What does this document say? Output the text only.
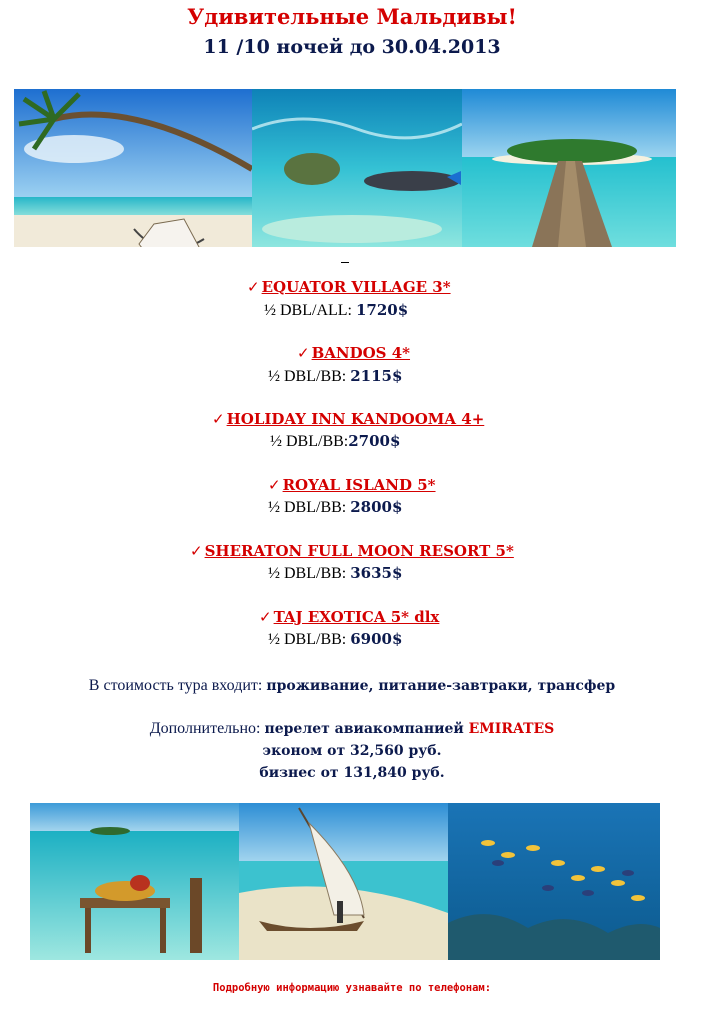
Удивительные Мальдивы!
11 /10 ночей до 30.04.2013
✓ EQUATOR VILLAGE 3*
½ DBL/ALL: 1720$
✓ BANDOS 4*
½ DBL/BB: 2115$
✓ HOLIDAY INN KANDOOMA 4+
½ DBL/BB:2700$
✓ ROYAL ISLAND 5*
½ DBL/BB: 2800$
✓ SHERATON FULL MOON RESORT 5*
½ DBL/BB: 3635$
✓ TAJ EXOTICA 5* dlx
½ DBL/BB: 6900$
В стоимость тура входит: проживание, питание-завтраки, трансфер
Дополнительно: перелет авиакомпанией EMIRATES
эконом от 32,560 руб.
бизнес от 131,840 руб.
Подробную информацию узнавайте по телефонам:
